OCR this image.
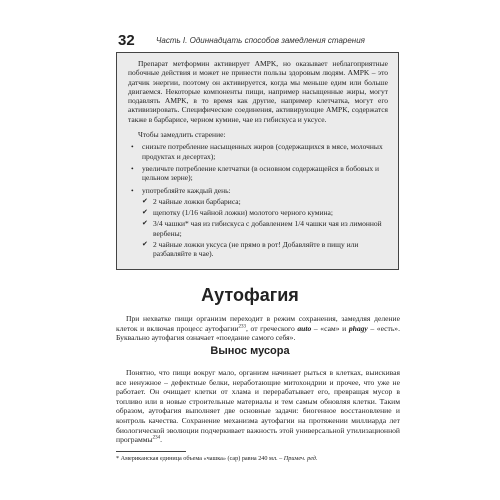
32	Часть I. Одиннадцать способов замедления старения

Препарат метформин активирует AMPK, но оказывает неблагоприятные побочные действия и может не принести пользы здоровым людям. AMPK – это датчик энергии, поэтому он активируется, когда мы меньше едим или больше двигаемся. Некоторые компоненты пищи, например насыщенные жиры, могут подавлять AMPK, в то время как другие, например клетчатка, могут его активизировать. Специфические соединения, активирующие AMPK, содержатся также в барбарисе, черном кумине, чае из гибискуса и уксусе.

Чтобы замедлить старение:

• снизьте потребление насыщенных жиров (содержащихся в мясе, молочных продуктах и десертах);
• увеличьте потребление клетчатки (в основном содержащейся в бобовых и цельном зерне);
• употребляйте каждый день:
✔ 2 чайные ложки барбариса;
✔ щепотку (1/16 чайной ложки) молотого черного кумина;
✔ 3/4 чашки* чая из гибискуса с добавлением 1/4 чашки чая из лимонной вербены;
✔ 2 чайные ложки уксуса (не прямо в рот! Добавляйте в пищу или разбавляйте в чае).
Аутофагия

При нехватке пищи организм переходит в режим сохранения, замедляя деление клеток и включая процесс аутофагии$^{233}$, от греческого auto – «сам» и phagy – «есть». Буквально аутофагия означает «поедание самого себя».

Вынос мусора

Понятно, что пищи вокруг мало, организм начинает рыться в клетках, выискивая все ненужное – дефектные белки, неработающие митохондрии и прочее, что уже не работает. Он очищает клетки от хлама и перерабатывает его, превращая мусор в топливо или в новые строительные материалы и тем самым обновляя клетки. Таким образом, аутофагия выполняет две основные задачи: биогенное восстановление и контроль качества. Сохранение механизма аутофагии на протяжении миллиарда лет биологической эволюции подчеркивает важность этой универсальной утилизационной программы$^{234}$.

* Американская единица объема «чашка» (сар) равна 240 мл. – Примеч. ред.
